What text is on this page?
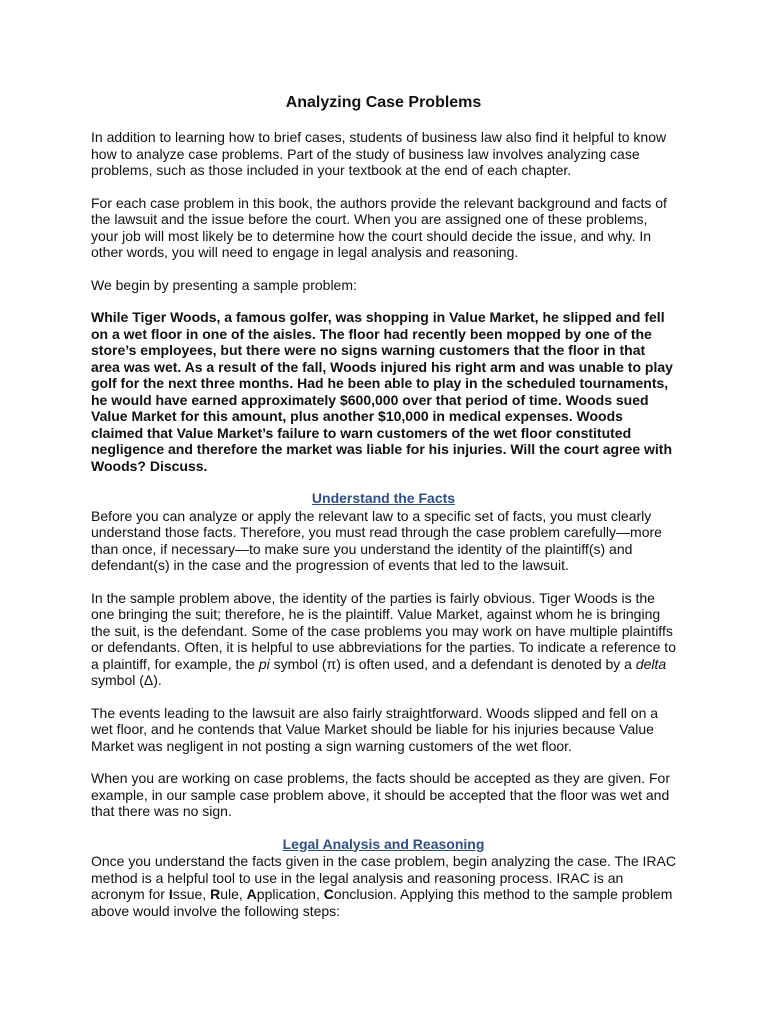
Analyzing Case Problems

In addition to learning how to brief cases, students of business law also find it helpful to know how to analyze case problems. Part of the study of business law involves analyzing case problems, such as those included in your textbook at the end of each chapter.

For each case problem in this book, the authors provide the relevant background and facts of the lawsuit and the issue before the court. When you are assigned one of these problems, your job will most likely be to determine how the court should decide the issue, and why. In other words, you will need to engage in legal analysis and reasoning.

We begin by presenting a sample problem:

While Tiger Woods, a famous golfer, was shopping in Value Market, he slipped and fell on a wet floor in one of the aisles. The floor had recently been mopped by one of the store’s employees, but there were no signs warning customers that the floor in that area was wet. As a result of the fall, Woods injured his right arm and was unable to play golf for the next three months. Had he been able to play in the scheduled tournaments, he would have earned approximately $600,000 over that period of time. Woods sued Value Market for this amount, plus another $10,000 in medical expenses. Woods claimed that Value Market’s failure to warn customers of the wet floor constituted negligence and therefore the market was liable for his injuries. Will the court agree with Woods? Discuss.

Understand the Facts

Before you can analyze or apply the relevant law to a specific set of facts, you must clearly understand those facts. Therefore, you must read through the case problem carefully—more than once, if necessary—to make sure you understand the identity of the plaintiff(s) and defendant(s) in the case and the progression of events that led to the lawsuit.

In the sample problem above, the identity of the parties is fairly obvious. Tiger Woods is the one bringing the suit; therefore, he is the plaintiff. Value Market, against whom he is bringing the suit, is the defendant. Some of the case problems you may work on have multiple plaintiffs or defendants. Often, it is helpful to use abbreviations for the parties. To indicate a reference to a plaintiff, for example, the pi symbol (π) is often used, and a defendant is denoted by a delta symbol (Δ).

The events leading to the lawsuit are also fairly straightforward. Woods slipped and fell on a wet floor, and he contends that Value Market should be liable for his injuries because Value Market was negligent in not posting a sign warning customers of the wet floor.

When you are working on case problems, the facts should be accepted as they are given. For example, in our sample case problem above, it should be accepted that the floor was wet and that there was no sign.

Legal Analysis and Reasoning

Once you understand the facts given in the case problem, begin analyzing the case. The IRAC method is a helpful tool to use in the legal analysis and reasoning process. IRAC is an acronym for Issue, Rule, Application, Conclusion. Applying this method to the sample problem above would involve the following steps:
